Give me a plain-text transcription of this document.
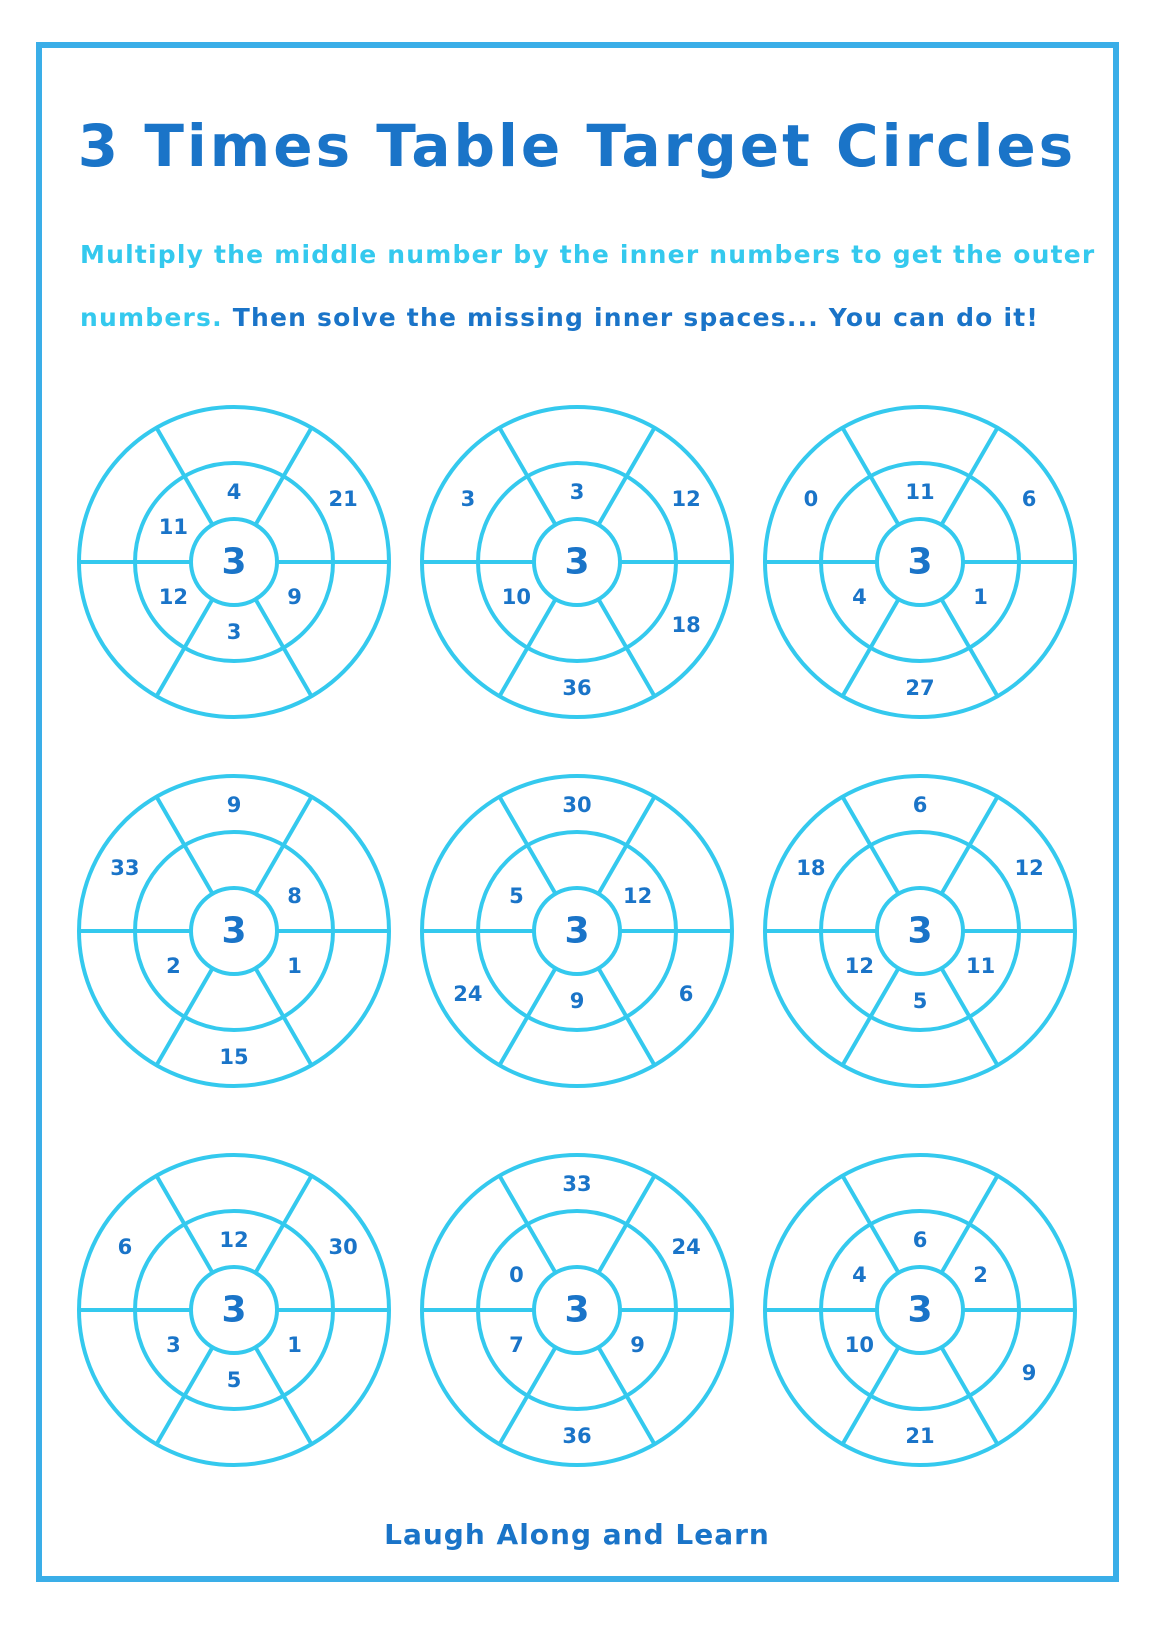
3 Times Table Target Circles

Multiply the middle number by the inner numbers to get the outer

numbers. Then solve the missing inner spaces... You can do it!

3
4	21
9
3
12
11
3
3	12
18
36
10
3
3
11	6
1
27
4
0
3
9
8
1
15
2
33
3
30
12
6
9
24
5
3
6
12
11
5
12
18
3
12	30
1
5
3
6
3
33
24
9
36
7
0
3
6
2
9
21
10
4
Laugh Along and Learn
